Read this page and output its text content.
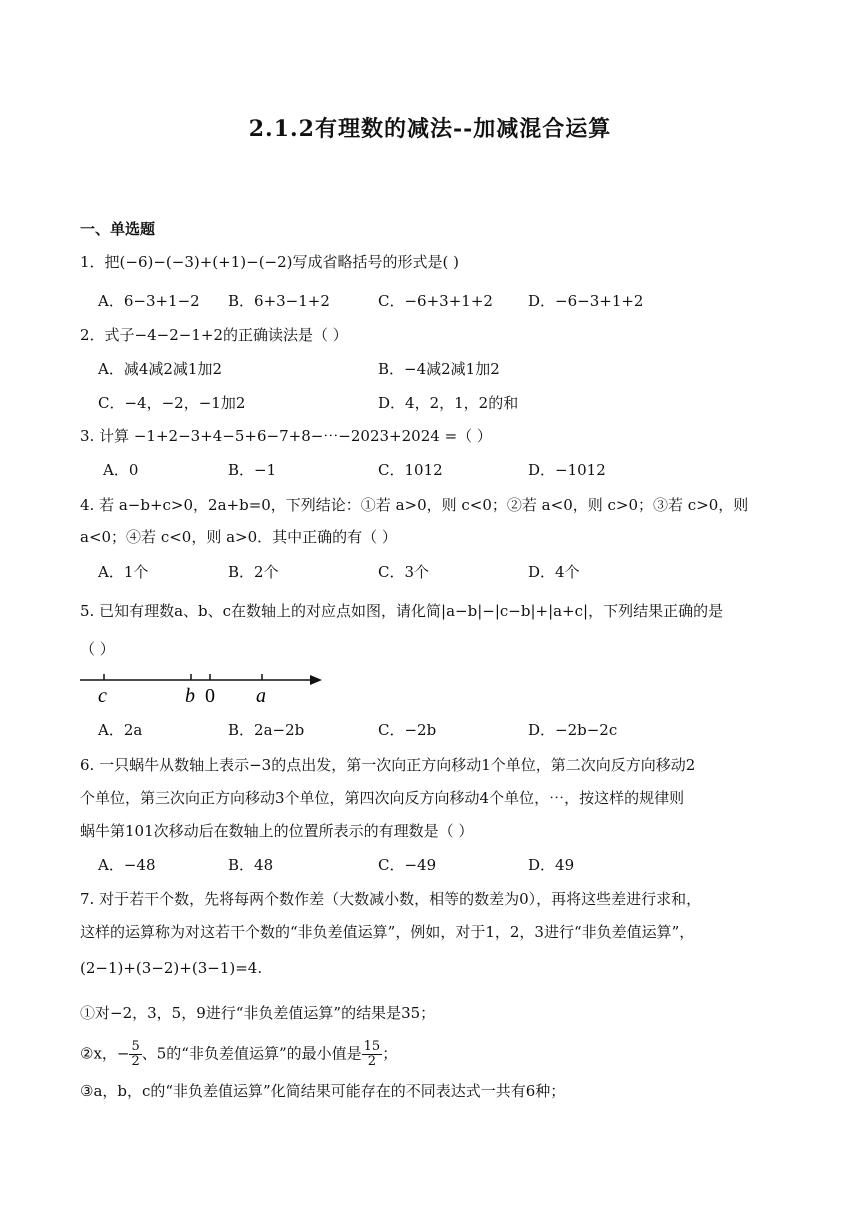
2.1.2有理数的减法--加减混合运算
一、单选题
1．把(−6)−(−3)+(+1)−(−2)写成省略括号的形式是( )
A．6−3+1−2 B．6+3−1+2	C．−6+3+1+2 D．−6−3+1+2
2．式子−4−2−1+2的正确读法是（ ）
A．减4减2减1加2	B．−4减2减1加2
C．−4，−2，−1加2	D．4，2，1，2的和
3. 计算 −1+2−3+4−5+6−7+8−⋯−2023+2024 =（ ）
A．0	B．−1	C．1012	D．−1012
4. 若 a−b+c>0，2a+b=0，下列结论：①若 a>0，则 c<0；②若 a<0，则 c>0；③若 c>0，则
a<0；④若 c<0，则 a>0．其中正确的有（ ）
A．1个	B．2个	C．3个	D．4个
5. 已知有理数a、b、c在数轴上的对应点如图，请化简|a−b|−|c−b|+|a+c|，下列结果正确的是
（ ）
c	b 0 a
A．2a	B．2a−2b	C．−2b	D．−2b−2c
6. 一只蜗牛从数轴上表示−3的点出发，第一次向正方向移动1个单位，第二次向反方向移动2
个单位，第三次向正方向移动3个单位，第四次向反方向移动4个单位，⋯，按这样的规律则
蜗牛第101次移动后在数轴上的位置所表示的有理数是（ ）
A．−48	B．48	C．−49	D．49
7. 对于若干个数，先将每两个数作差（大数减小数，相等的数差为0），再将这些差进行求和，
这样的运算称为对这若干个数的“非负差值运算”，例如，对于1，2，3进行“非负差值运算”，
(2−1)+(3−2)+(3−1)=4.
①对−2，3，5，9进行“非负差值运算”的结果是35；
②x，− $\frac{5}{2}$ 、5的“非负差值运算”的最小值是 $\frac{15}{2}$ ；
③a，b，c的“非负差值运算”化简结果可能存在的不同表达式一共有6种；
